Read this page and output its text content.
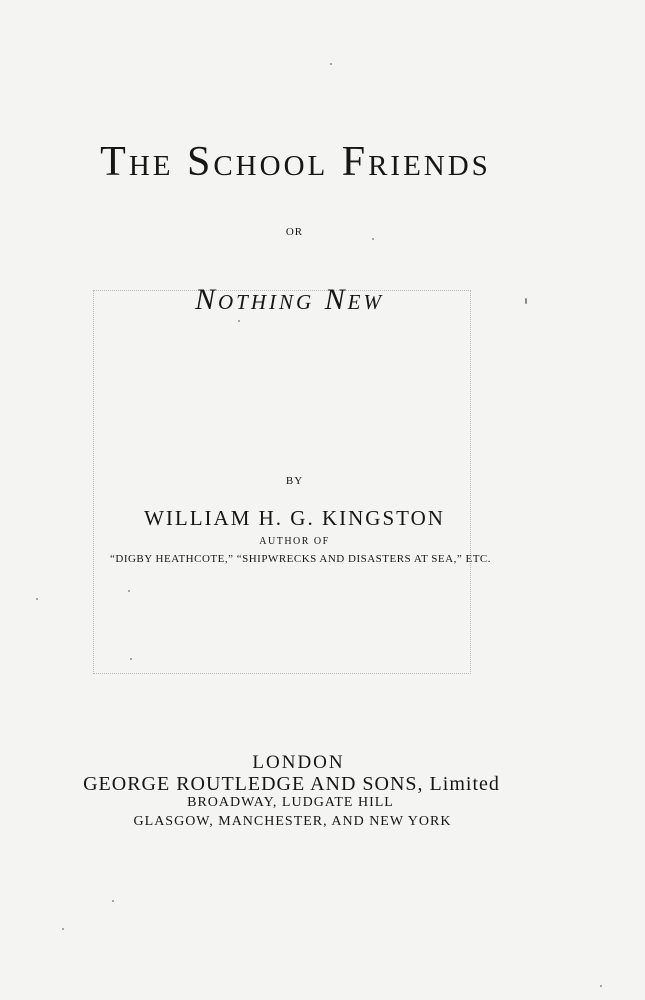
The School Friends
OR
Nothing New
BY
WILLIAM H. G. KINGSTON
AUTHOR OF
“DIGBY HEATHCOTE,” “SHIPWRECKS AND DISASTERS AT SEA,” ETC.
LONDON
GEORGE ROUTLEDGE AND SONS, Limited
BROADWAY, LUDGATE HILL
GLASGOW, MANCHESTER, AND NEW YORK
